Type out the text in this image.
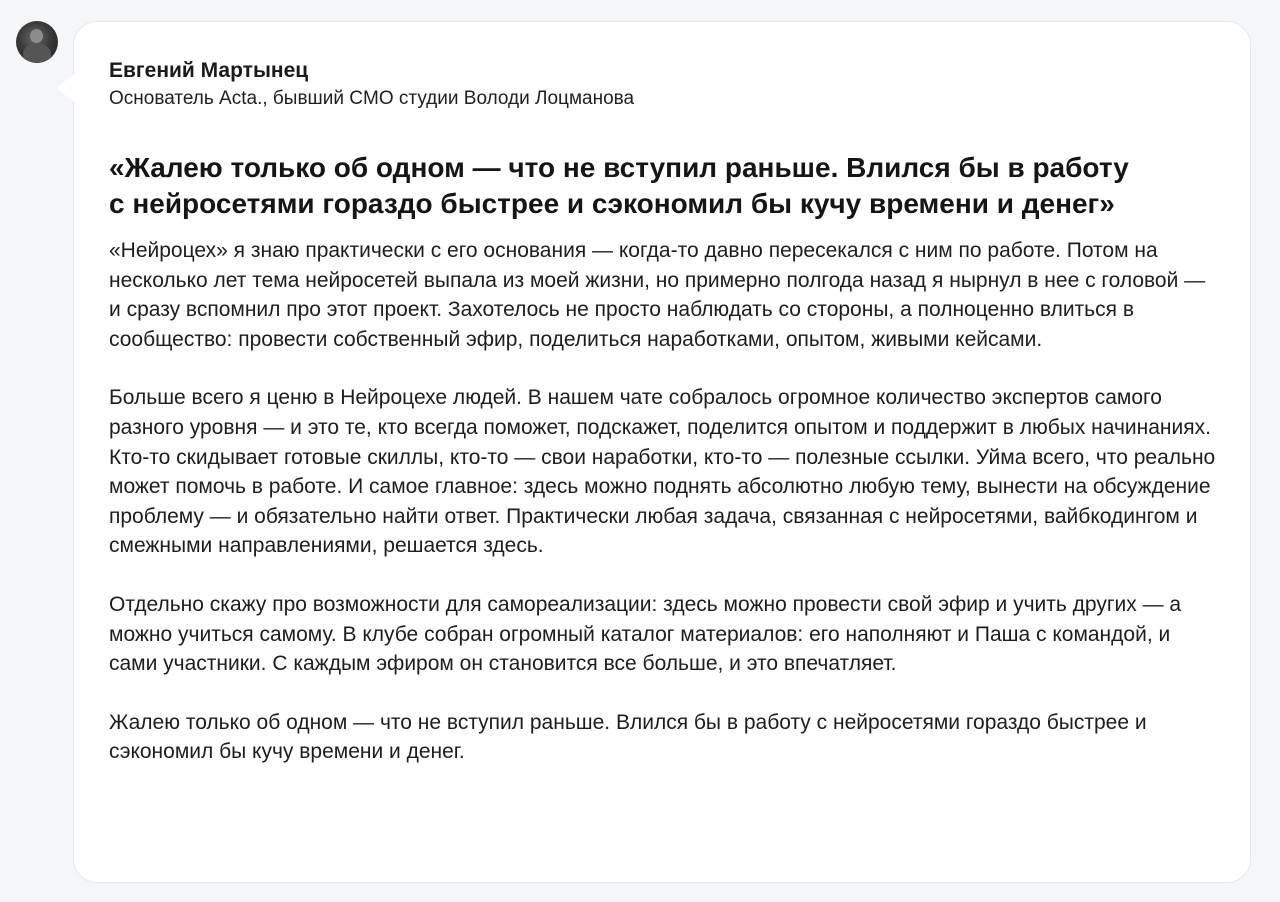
Евгений Мартынец

Основатель Acta., бывший CMO студии Володи Лоцманова

«Жалею только об одном — что не вступил раньше. Влился бы в работу с нейросетями гораздо быстрее и сэкономил бы кучу времени и денег»

«Нейроцех» я знаю практически с его основания — когда-то давно пересекался с ним по работе. Потом на несколько лет тема нейросетей выпала из моей жизни, но примерно полгода назад я нырнул в нее с головой — и сразу вспомнил про этот проект. Захотелось не просто наблюдать со стороны, а полноценно влиться в сообщество: провести собственный эфир, поделиться наработками, опытом, живыми кейсами.

Больше всего я ценю в Нейроцехе людей. В нашем чате собралось огромное количество экспертов самого разного уровня — и это те, кто всегда поможет, подскажет, поделится опытом и поддержит в любых начинаниях. Кто-то скидывает готовые скиллы, кто-то — свои наработки, кто-то — полезные ссылки. Уйма всего, что реально может помочь в работе. И самое главное: здесь можно поднять абсолютно любую тему, вынести на обсуждение проблему — и обязательно найти ответ. Практически любая задача, связанная с нейросетями, вайбкодингом и смежными направлениями, решается здесь.

Отдельно скажу про возможности для самореализации: здесь можно провести свой эфир и учить других — а можно учиться самому. В клубе собран огромный каталог материалов: его наполняют и Паша с командой, и сами участники. С каждым эфиром он становится все больше, и это впечатляет.

Жалею только об одном — что не вступил раньше. Влился бы в работу с нейросетями гораздо быстрее и сэкономил бы кучу времени и денег.
